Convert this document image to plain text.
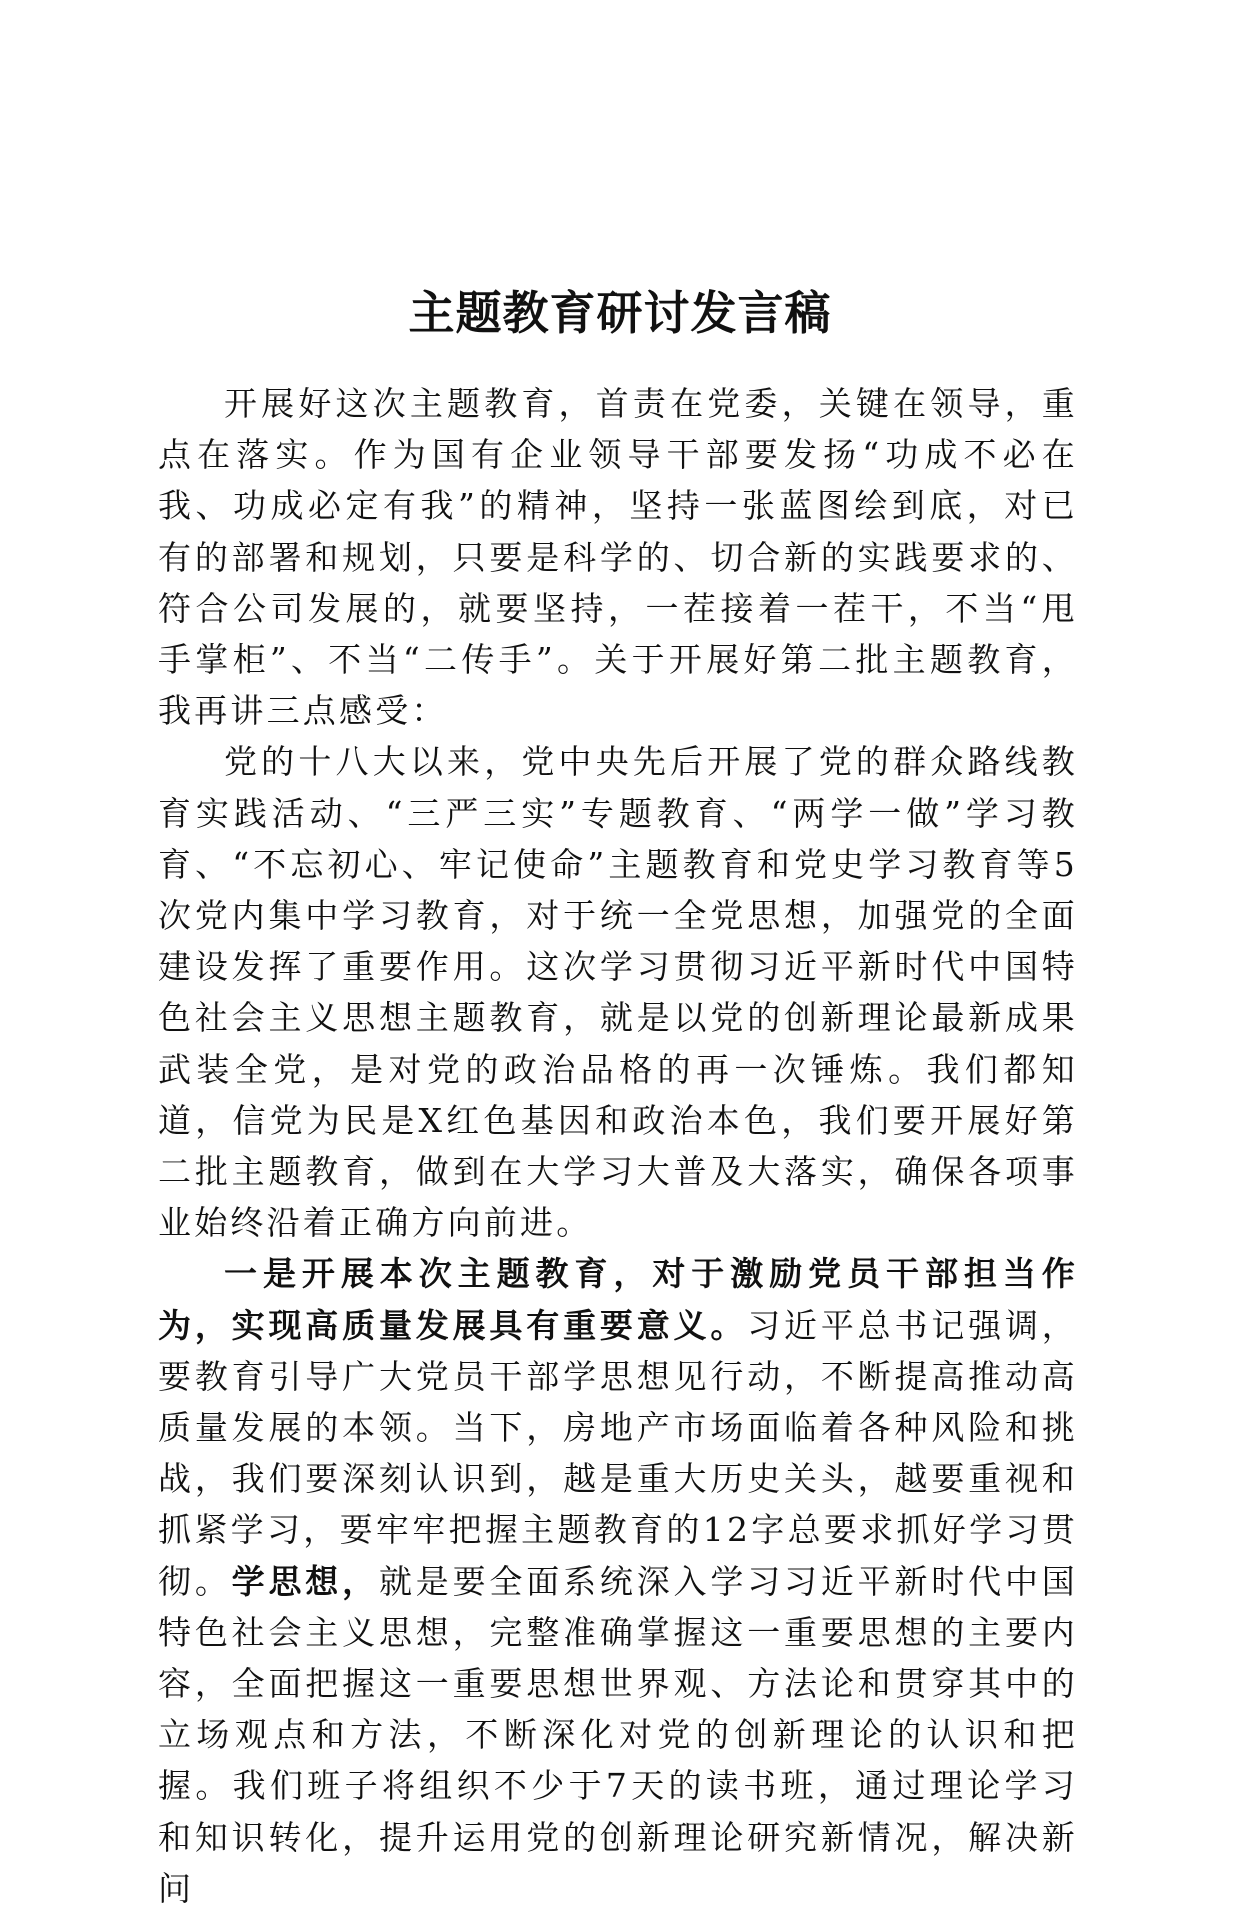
主题教育研讨发言稿

开展好这次主题教育，首责在党委，关键在领导，重点在落实。作为国有企业领导干部要发扬“功成不必在我、功成必定有我”的精神，坚持一张蓝图绘到底，对已有的部署和规划，只要是科学的、切合新的实践要求的、符合公司发展的，就要坚持，一茬接着一茬干，不当“甩手掌柜”、不当“二传手”。关于开展好第二批主题教育，我再讲三点感受：

党的十八大以来，党中央先后开展了党的群众路线教育实践活动、“三严三实”专题教育、“两学一做”学习教育、“不忘初心、牢记使命”主题教育和党史学习教育等5次党内集中学习教育，对于统一全党思想，加强党的全面建设发挥了重要作用。这次学习贯彻习近平新时代中国特色社会主义思想主题教育，就是以党的创新理论最新成果武装全党，是对党的政治品格的再一次锤炼。我们都知道，信党为民是X红色基因和政治本色，我们要开展好第二批主题教育，做到在大学习大普及大落实，确保各项事业始终沿着正确方向前进。

一是开展本次主题教育，对于激励党员干部担当作为，实现高质量发展具有重要意义。习近平总书记强调，要教育引导广大党员干部学思想见行动，不断提高推动高质量发展的本领。当下，房地产市场面临着各种风险和挑战，我们要深刻认识到，越是重大历史关头，越要重视和抓紧学习，要牢牢把握主题教育的12字总要求抓好学习贯彻。学思想，就是要全面系统深入学习习近平新时代中国特色社会主义思想，完整准确掌握这一重要思想的主要内容，全面把握这一重要思想世界观、方法论和贯穿其中的立场观点和方法，不断深化对党的创新理论的认识和把握。我们班子将组织不少于7天的读书班，通过理论学习和知识转化，提升运用党的创新理论研究新情况，解决新问
